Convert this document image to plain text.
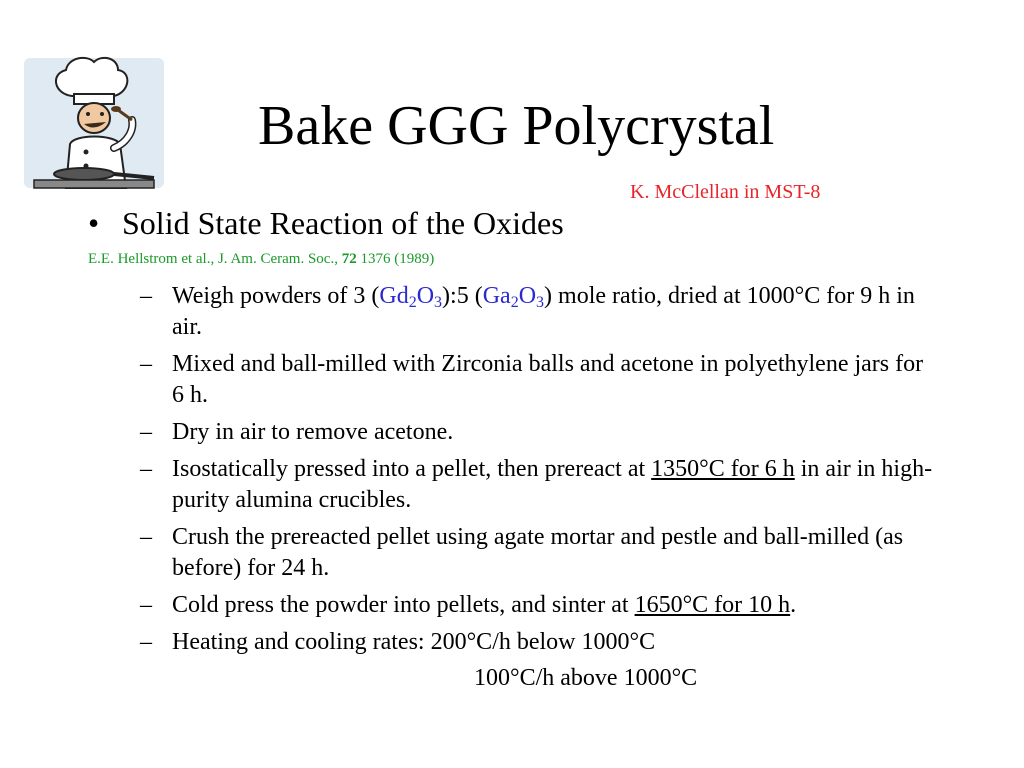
Bake GGG Polycrystal
K. McClellan in MST-8
• Solid State Reaction of the Oxides
E.E. Hellstrom et al., J. Am. Ceram. Soc., 72 1376 (1989)
– Weigh powders of 3 $(Gd_2O_3):5$ $(Ga_2O_3)$ mole ratio, dried at 1000°C for 9 h in air.
– Mixed and ball-milled with Zirconia balls and acetone in polyethylene jars for 6 h.
– Dry in air to remove acetone.
– Isostatically pressed into a pellet, then prereact at 1350°C for 6 h in air in high-purity alumina crucibles.
– Crush the prereacted pellet using agate mortar and pestle and ball-milled (as before) for 24 h.
– Cold press the powder into pellets, and sinter at 1650°C for 10 h.
– Heating and cooling rates: 200°C/h below 1000°C
100°C/h above 1000°C
